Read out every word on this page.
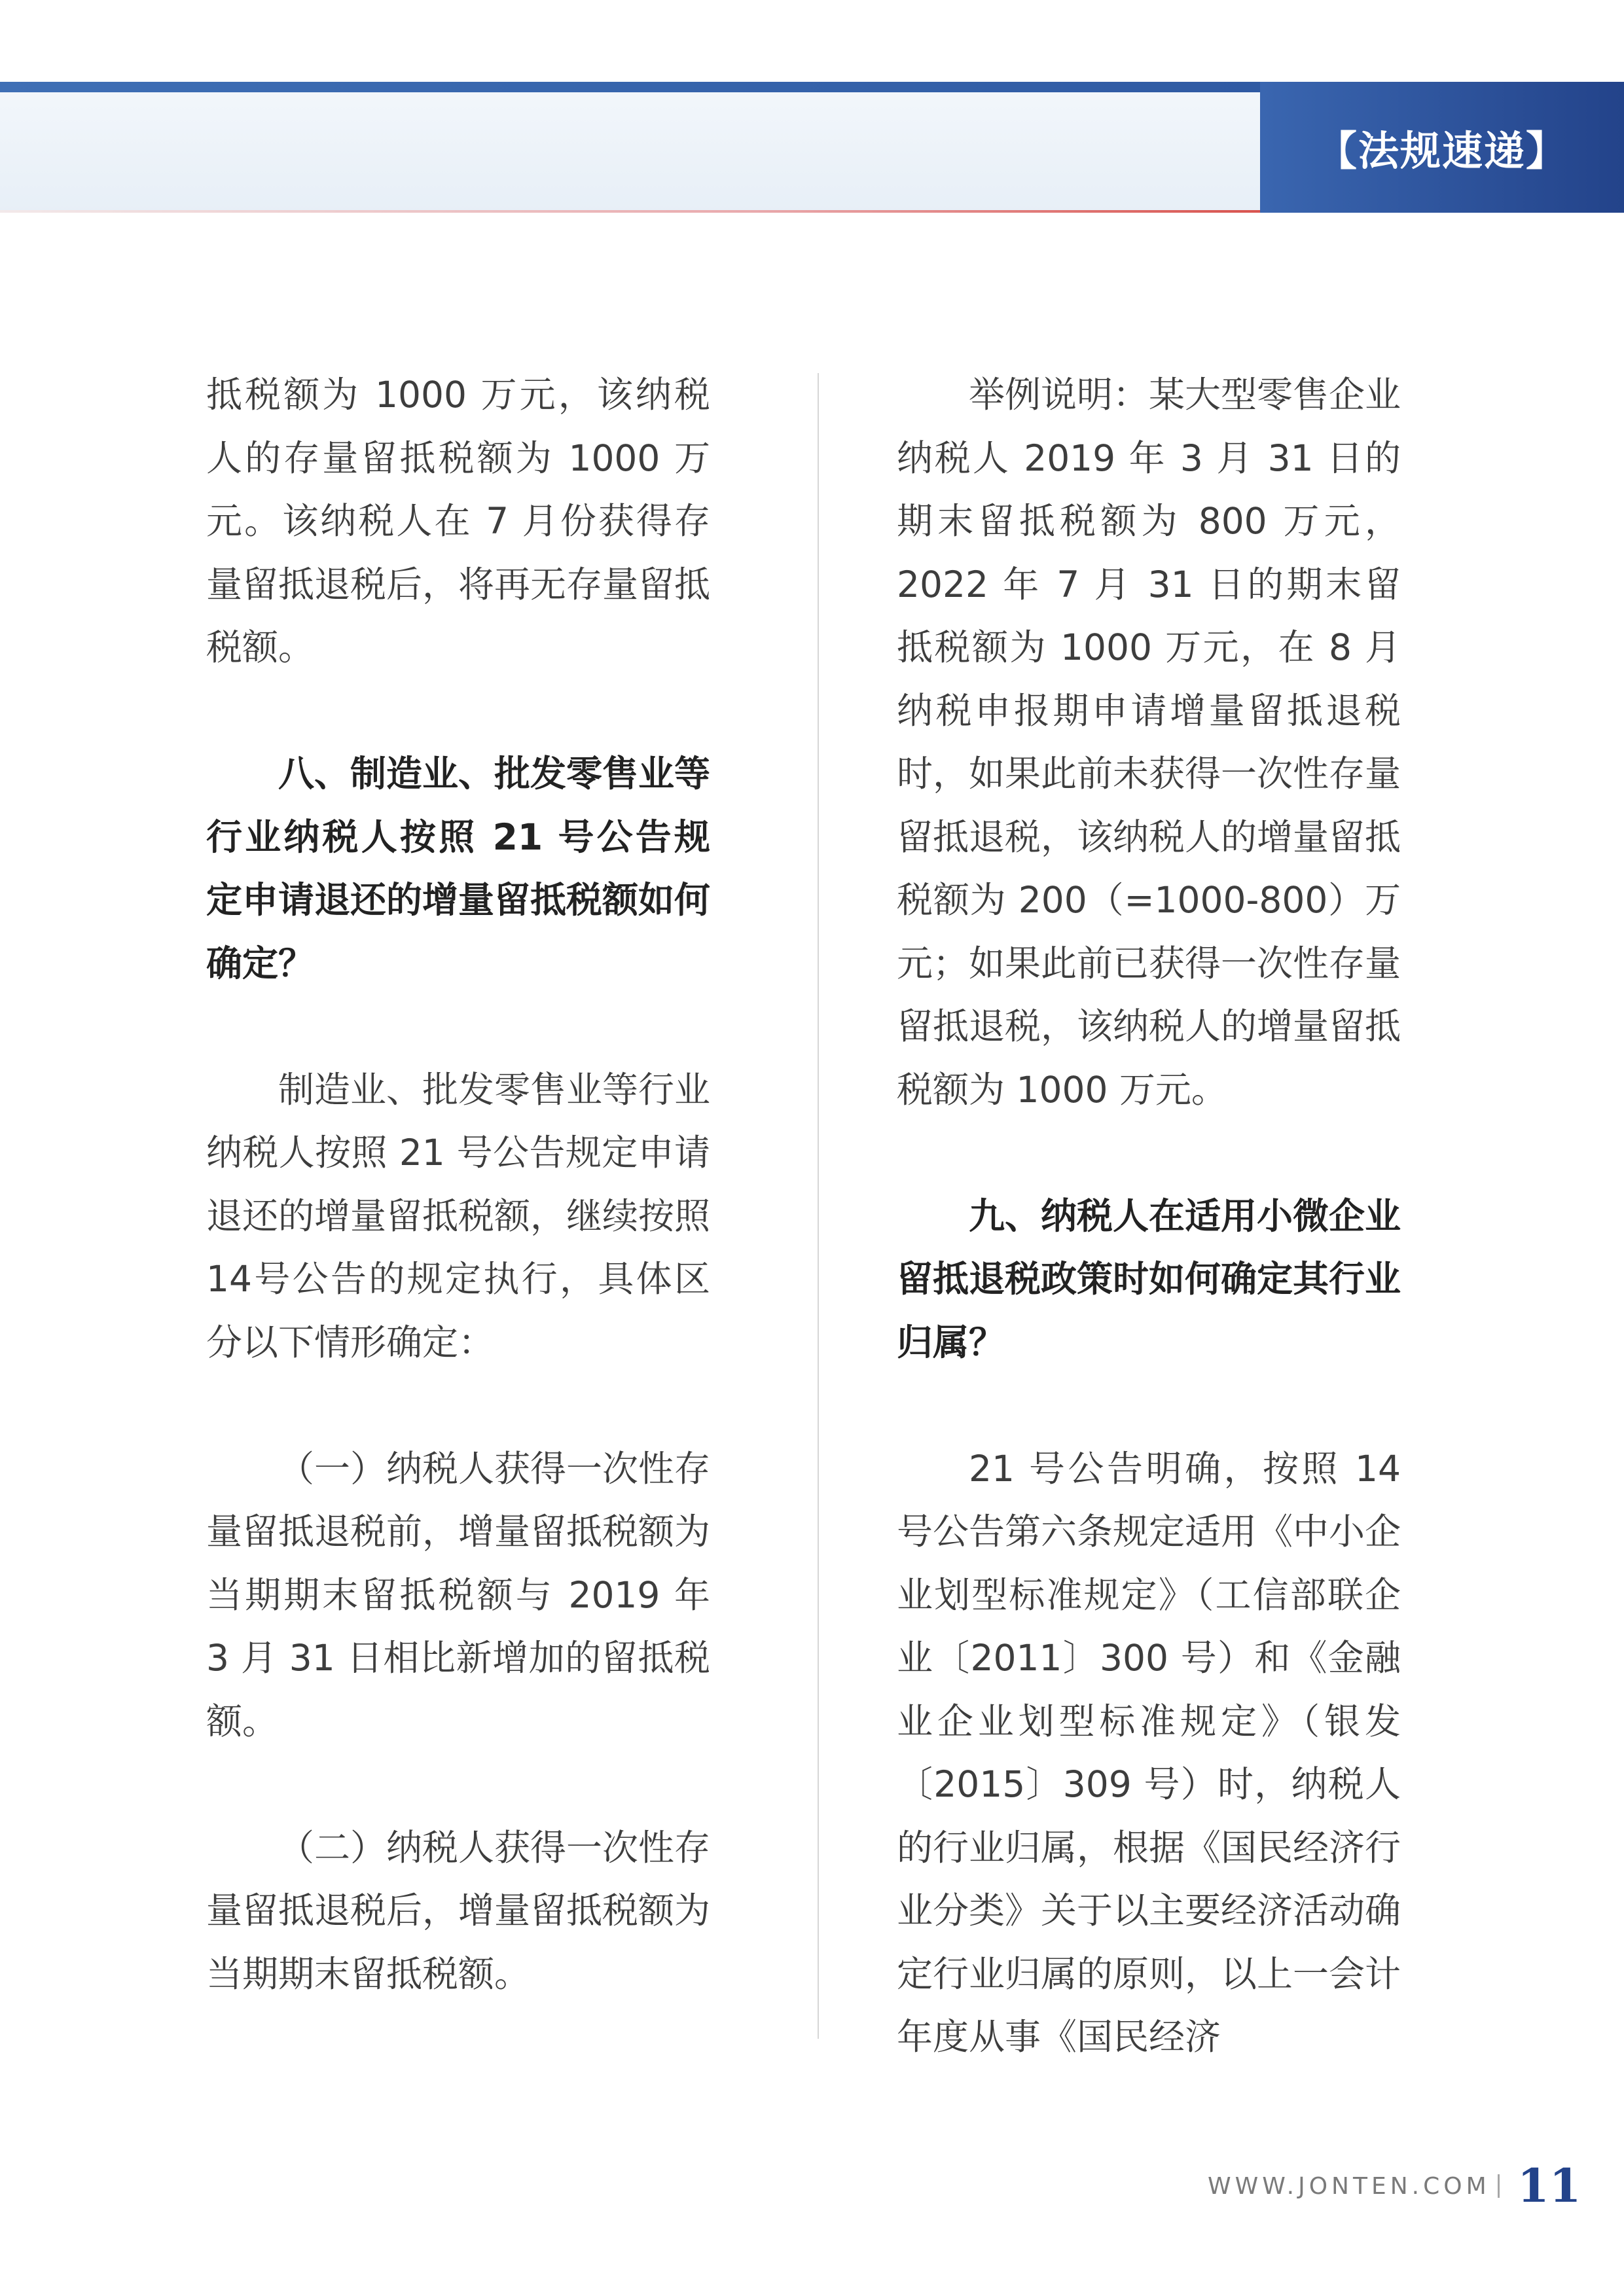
【法规速递】

抵税额为 1000 万元，该纳税人的存量留抵税额为 1000 万元。该纳税人在 7 月份获得存量留抵退税后，将再无存量留抵税额。

八、制造业、批发零售业等行业纳税人按照 21 号公告规定申请退还的增量留抵税额如何确定？

制造业、批发零售业等行业纳税人按照 21 号公告规定申请退还的增量留抵税额，继续按照14号公告的规定执行，具体区分以下情形确定：

（一）纳税人获得一次性存量留抵退税前，增量留抵税额为当期期末留抵税额与 2019 年 3 月 31 日相比新增加的留抵税额。

（二）纳税人获得一次性存量留抵退税后，增量留抵税额为当期期末留抵税额。

举例说明：某大型零售企业纳税人 2019 年 3 月 31 日的期末留抵税额为 800 万元，2022 年 7 月 31 日的期末留抵税额为 1000 万元，在 8 月纳税申报期申请增量留抵退税时，如果此前未获得一次性存量留抵退税，该纳税人的增量留抵税额为 200（=1000-800）万元；如果此前已获得一次性存量留抵退税，该纳税人的增量留抵税额为 1000 万元。

九、纳税人在适用小微企业留抵退税政策时如何确定其行业归属？

21 号公告明确，按照 14 号公告第六条规定适用《中小企业划型标准规定》（工信部联企业〔2011〕300 号）和《金融业企业划型标准规定》（银发〔2015〕309 号）时，纳税人的行业归属，根据《国民经济行业分类》关于以主要经济活动确定行业归属的原则，以上一会计年度从事《国民经济

WWW.JONTEN.COM 11
